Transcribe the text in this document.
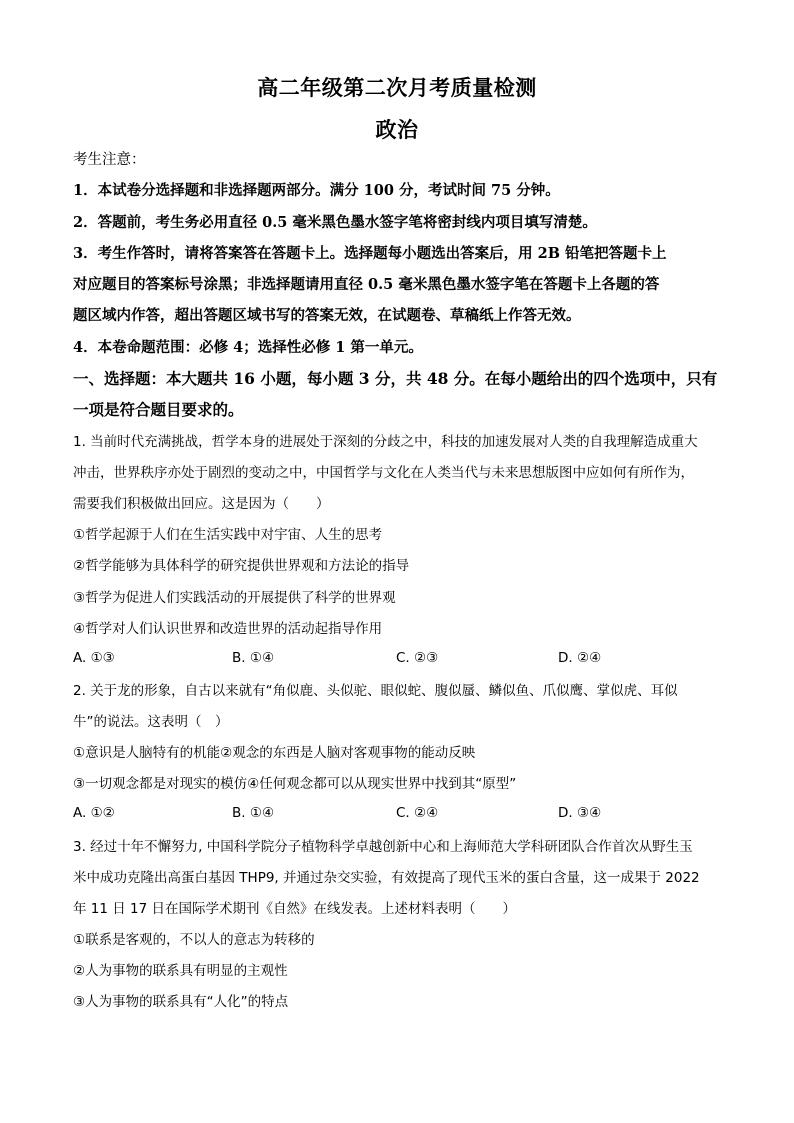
高二年级第二次月考质量检测
政治
考生注意：
1．本试卷分选择题和非选择题两部分。满分 100 分，考试时间 75 分钟。
2．答题前，考生务必用直径 0.5 毫米黑色墨水签字笔将密封线内项目填写清楚。
3．考生作答时，请将答案答在答题卡上。选择题每小题选出答案后，用 2B 铅笔把答题卡上
对应题目的答案标号涂黑；非选择题请用直径 0.5 毫米黑色墨水签字笔在答题卡上各题的答
题区域内作答，超出答题区域书写的答案无效，在试题卷、草稿纸上作答无效。
4．本卷命题范围：必修 4；选择性必修 1 第一单元。
一、选择题：本大题共 16 小题，每小题 3 分，共 48 分。在每小题给出的四个选项中，只有
一项是符合题目要求的。
1. 当前时代充满挑战，哲学本身的进展处于深刻的分歧之中，科技的加速发展对人类的自我理解造成重大
冲击，世界秩序亦处于剧烈的变动之中，中国哲学与文化在人类当代与未来思想版图中应如何有所作为，
需要我们积极做出回应。这是因为（　　）
①哲学起源于人们在生活实践中对宇宙、人生的思考
②哲学能够为具体科学的研究提供世界观和方法论的指导
③哲学为促进人们实践活动的开展提供了科学的世界观
④哲学对人们认识世界和改造世界的活动起指导作用
A. ①③	B. ①④	C. ②③	D. ②④
2. 关于龙的形象，自古以来就有“角似鹿、头似驼、眼似蛇、腹似蜃、鳞似鱼、爪似鹰、掌似虎、耳似
牛”的说法。这表明（　）
①意识是人脑特有的机能②观念的东西是人脑对客观事物的能动反映
③一切观念都是对现实的模仿④任何观念都可以从现实世界中找到其“原型”
A. ①②	B. ①④	C. ②④	D. ③④
3. 经过十年不懈努力, 中国科学院分子植物科学卓越创新中心和上海师范大学科研团队合作首次从野生玉
米中成功克隆出高蛋白基因 THP9, 并通过杂交实验，有效提高了现代玉米的蛋白含量，这一成果于 2022
年 11 日 17 日在国际学术期刊《自然》在线发表。上述材料表明（　　）
①联系是客观的，不以人的意志为转移的
②人为事物的联系具有明显的主观性
③人为事物的联系具有“人化”的特点
